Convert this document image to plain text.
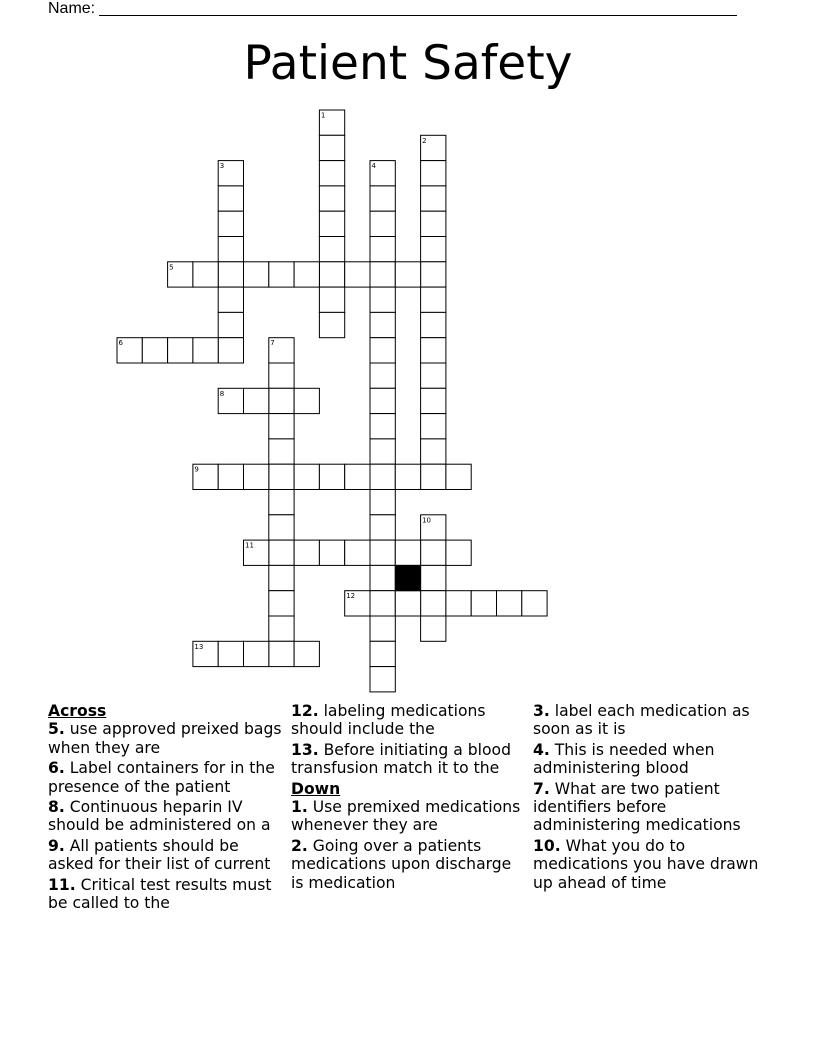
Name:
Patient Safety
1
2
3	4
5
6	7
8
9
10
11
12
13
Across
5. use approved preixed bags when they are
6. Label containers for in the presence of the patient
8. Continuous heparin IV should be administered on a
9. All patients should be asked for their list of current
11. Critical test results must be called to the
12. labeling medications should include the
13. Before initiating a blood transfusion match it to the
Down
1. Use premixed medications whenever they are
2. Going over a patients medications upon discharge is medication
3. label each medication as soon as it is
4. This is needed when administering blood
7. What are two patient identifiers before administering medications
10. What you do to medications you have drawn up ahead of time
